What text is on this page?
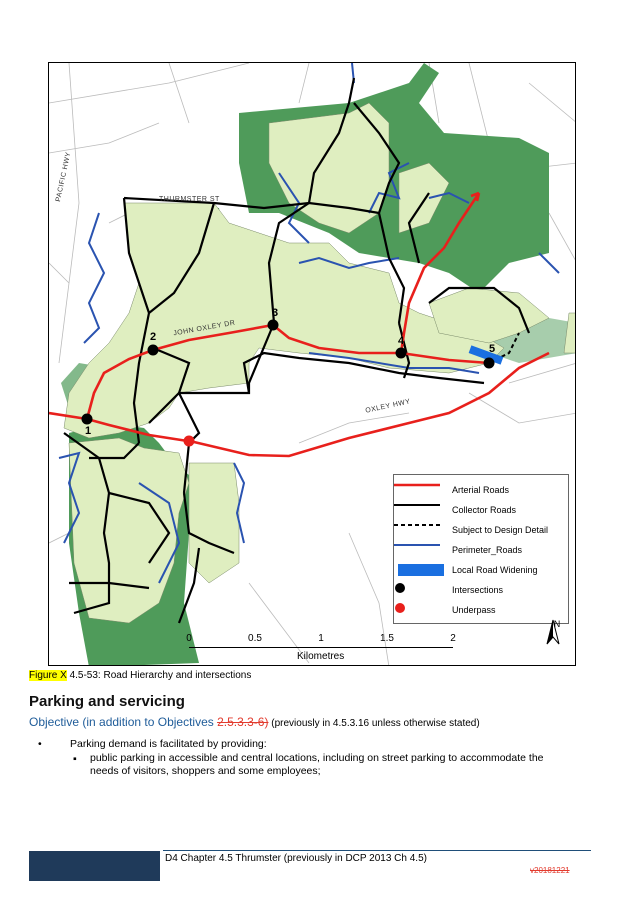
THURMSTER ST
PACIFIC HWY
JOHN OXLEY DR
OXLEY HWY
1
2
3
4
5
Arterial Roads
Collector Roads
Subject to Design Detail
Perimeter_Roads
Local Road Widening
Intersections
Underpass
0	0.5	1	1.5	2
Kilometres
N
Figure X 4.5-53: Road Hierarchy and intersections
Parking and servicing
Objective (in addition to Objectives 2.5.3.3-6) (previously in 4.5.3.16 unless otherwise stated)
•	Parking demand is facilitated by providing:
▪ public parking in accessible and central locations, including on street parking to accommodate the needs of visitors, shoppers and some employees;
D4 Chapter 4.5 Thrumster (previously in DCP 2013 Ch 4.5)
v20181221
